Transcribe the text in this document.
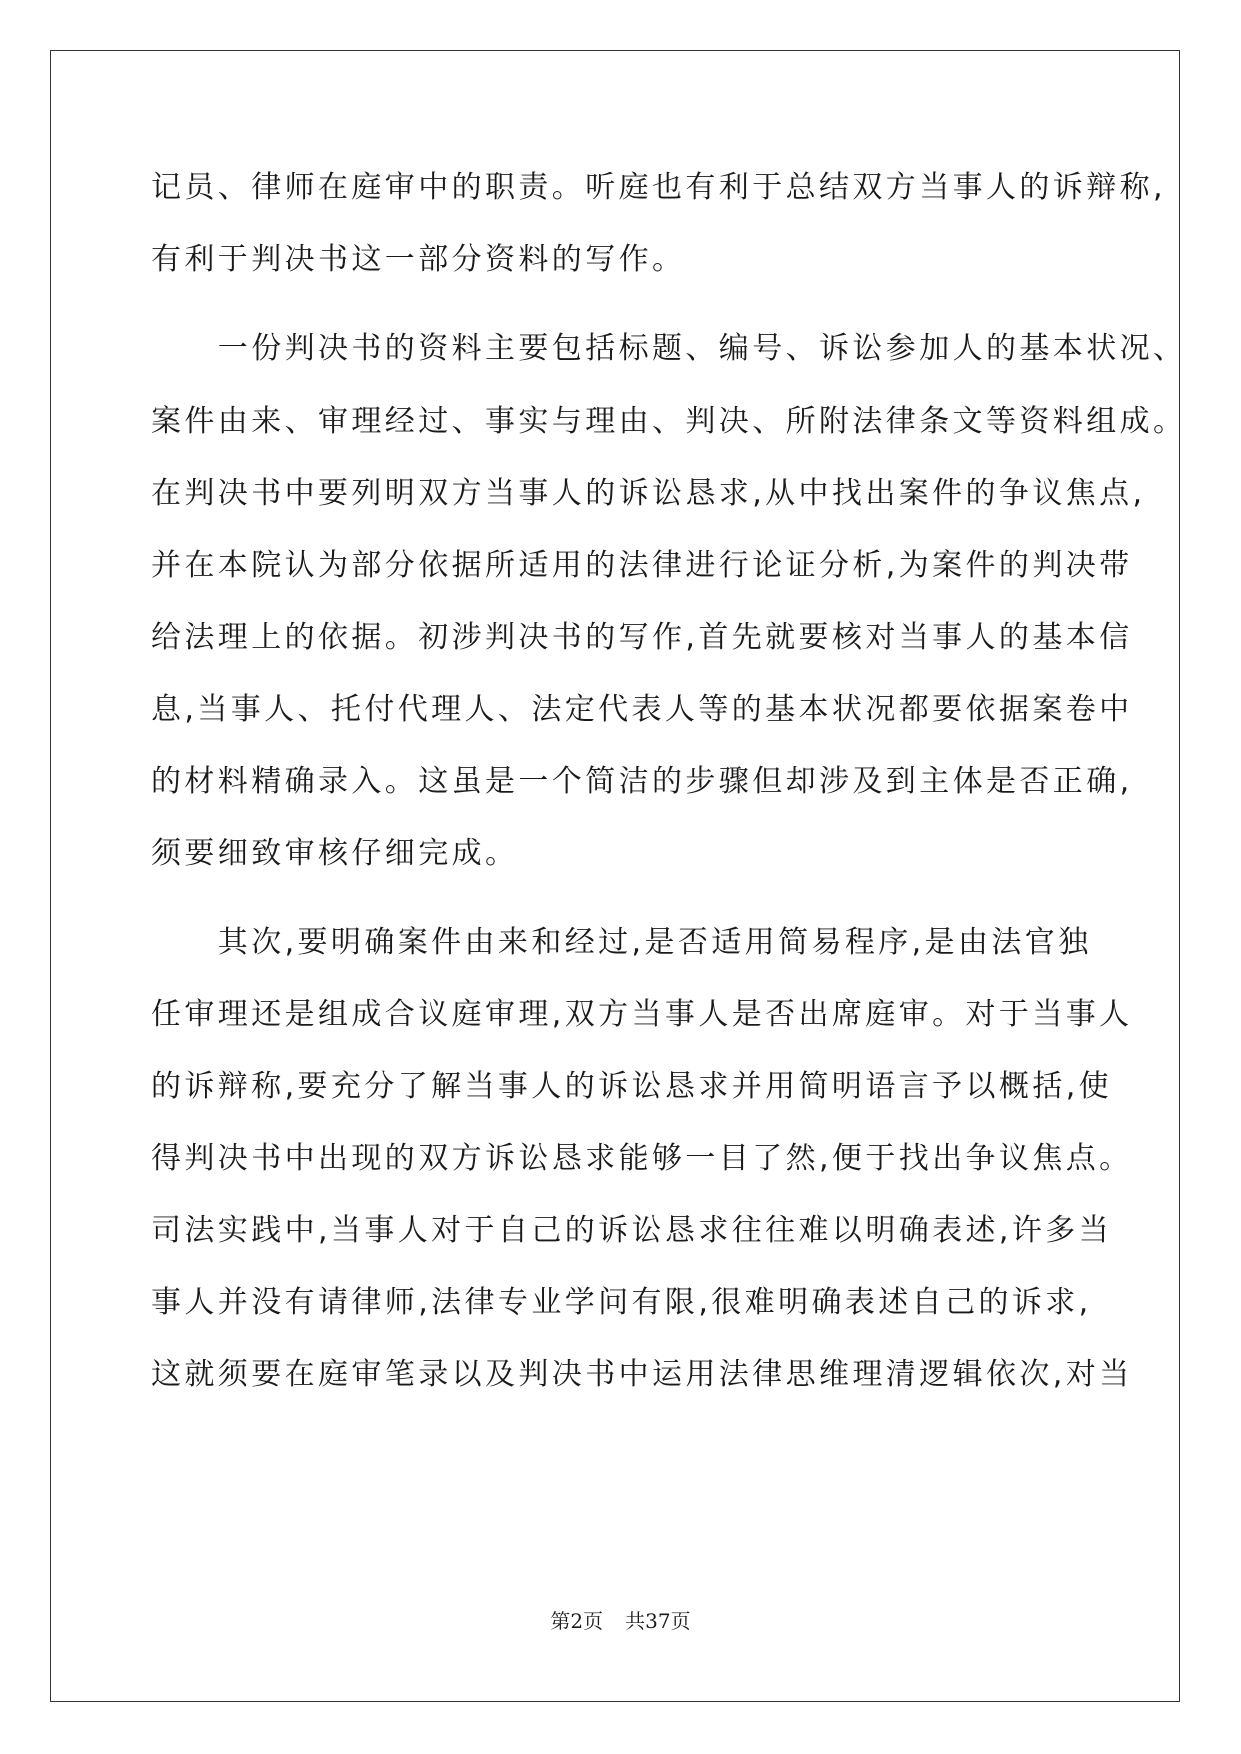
记员、律师在庭审中的职责。听庭也有利于总结双方当事人的诉辩称,
有利于判决书这一部分资料的写作。
　　一份判决书的资料主要包括标题、编号、诉讼参加人的基本状况、
案件由来、审理经过、事实与理由、判决、所附法律条文等资料组成。
在判决书中要列明双方当事人的诉讼恳求,从中找出案件的争议焦点,
并在本院认为部分依据所适用的法律进行论证分析,为案件的判决带
给法理上的依据。初涉判决书的写作,首先就要核对当事人的基本信
息,当事人、托付代理人、法定代表人等的基本状况都要依据案卷中
的材料精确录入。这虽是一个简洁的步骤但却涉及到主体是否正确,
须要细致审核仔细完成。
　　其次,要明确案件由来和经过,是否适用简易程序,是由法官独
任审理还是组成合议庭审理,双方当事人是否出席庭审。对于当事人
的诉辩称,要充分了解当事人的诉讼恳求并用简明语言予以概括,使
得判决书中出现的双方诉讼恳求能够一目了然,便于找出争议焦点。
司法实践中,当事人对于自己的诉讼恳求往往难以明确表述,许多当
事人并没有请律师,法律专业学问有限,很难明确表述自己的诉求,
这就须要在庭审笔录以及判决书中运用法律思维理清逻辑依次,对当
第2页 共37页
